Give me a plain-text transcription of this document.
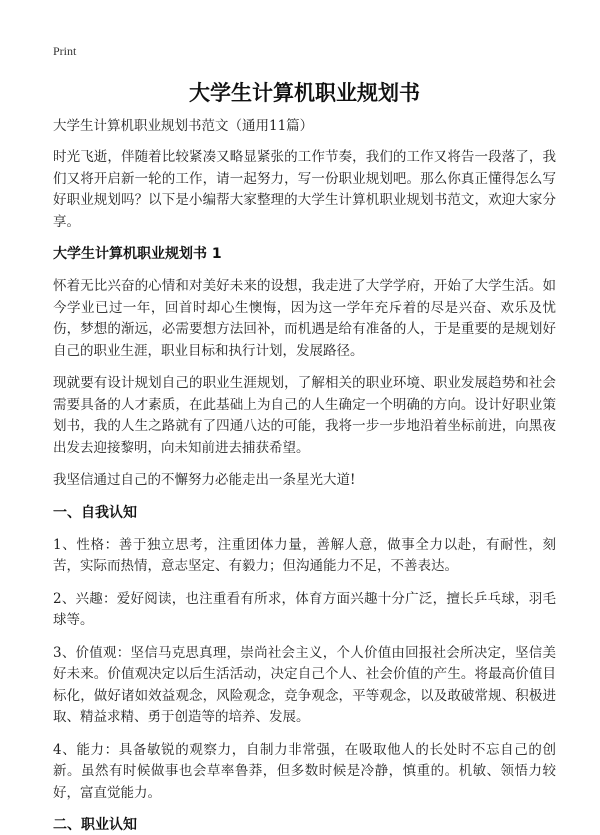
Print
大学生计算机职业规划书
大学生计算机职业规划书范文（通用11篇）

时光飞逝，伴随着比较紧凑又略显紧张的工作节奏，我们的工作又将告一段落了，我们又将开启新一轮的工作，请一起努力，写一份职业规划吧。那么你真正懂得怎么写好职业规划吗？以下是小编帮大家整理的大学生计算机职业规划书范文，欢迎大家分享。

大学生计算机职业规划书 1

怀着无比兴奋的心情和对美好未来的设想，我走进了大学学府，开始了大学生活。如今学业已过一年，回首时却心生懊悔，因为这一学年充斥着的尽是兴奋、欢乐及忧伤，梦想的渐远，必需要想方法回补，而机遇是给有准备的人，于是重要的是规划好自己的职业生涯，职业目标和执行计划，发展路径。

现就要有设计规划自己的职业生涯规划，了解相关的职业环境、职业发展趋势和社会需要具备的人才素质，在此基础上为自己的人生确定一个明确的方向。设计好职业策划书，我的人生之路就有了四通八达的可能，我将一步一步地沿着坐标前进，向黑夜出发去迎接黎明，向未知前进去捕获希望。

我坚信通过自己的不懈努力必能走出一条星光大道!

一、自我认知

1、性格：善于独立思考，注重团体力量，善解人意，做事全力以赴，有耐性，刻苦，实际而热情，意志坚定、有毅力；但沟通能力不足，不善表达。

2、兴趣：爱好阅读，也注重看有所求，体育方面兴趣十分广泛，擅长乒乓球，羽毛球等。

3、价值观：坚信马克思真理，崇尚社会主义，个人价值由回报社会所决定，坚信美好未来。价值观决定以后生活活动，决定自己个人、社会价值的产生。将最高价值目标化，做好诸如效益观念，风险观念，竞争观念，平等观念，以及敢破常规、积极进取、精益求精、勇于创造等的培养、发展。

4、能力：具备敏锐的观察力，自制力非常强，在吸取他人的长处时不忘自己的创新。虽然有时候做事也会草率鲁莽，但多数时候是冷静，慎重的。机敏、领悟力较好，富直觉能力。

二、职业认知
